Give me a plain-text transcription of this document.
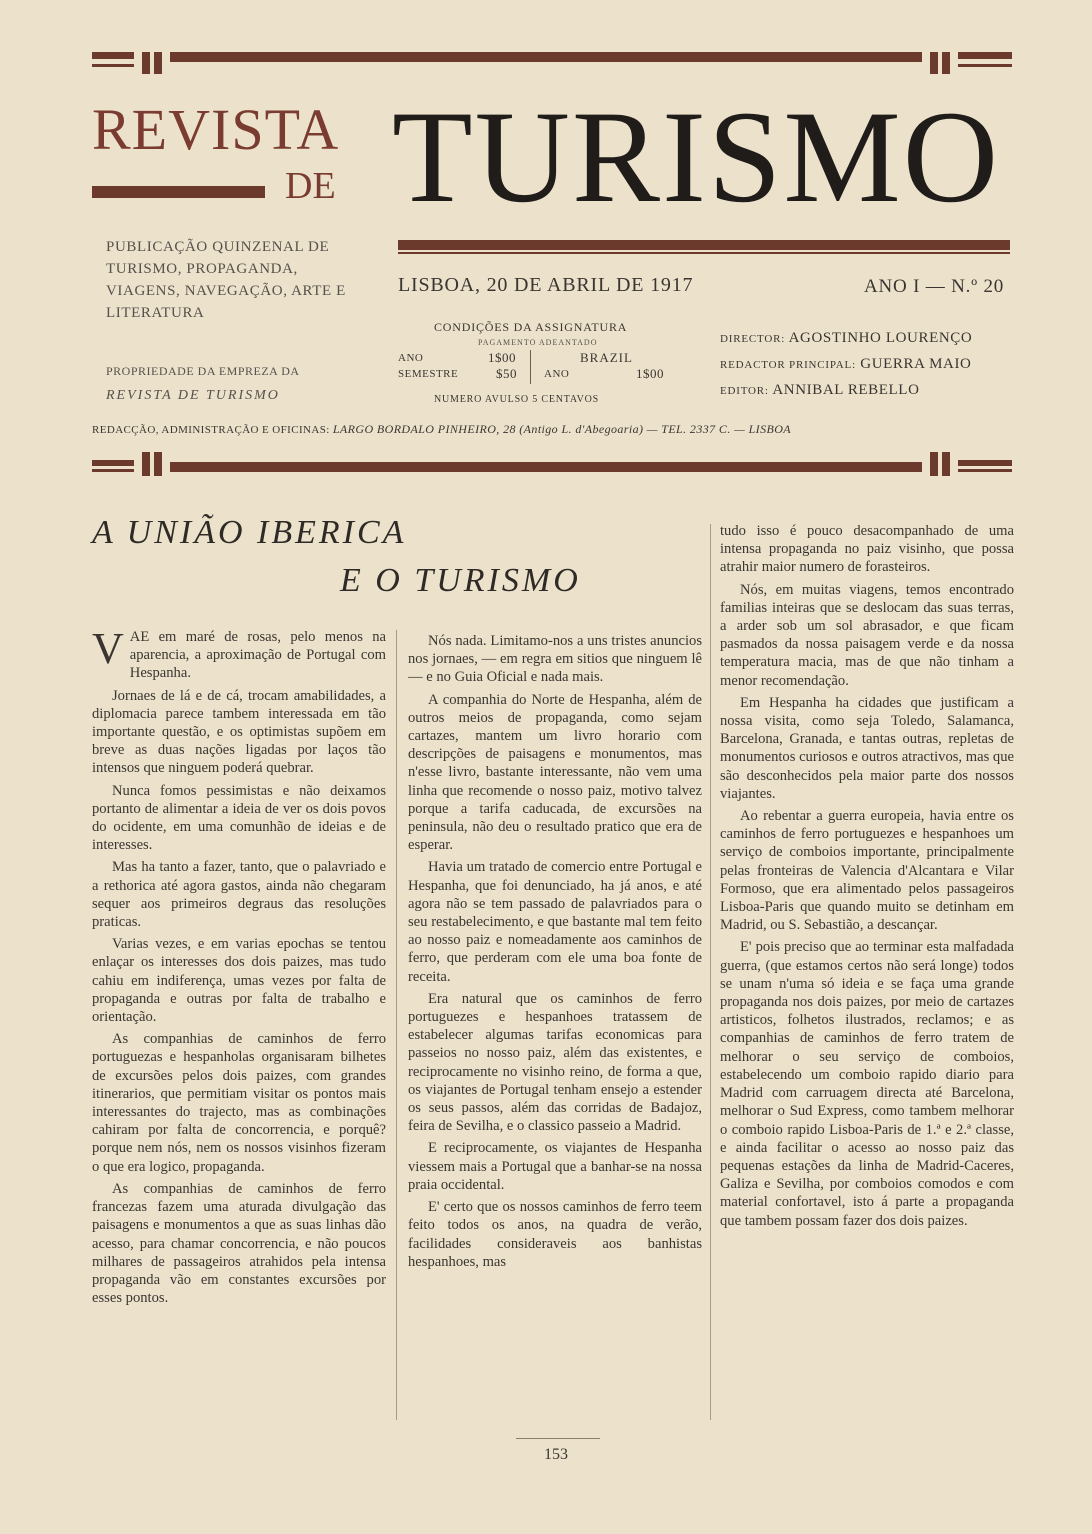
REVISTA
DE TURISMO
PUBLICAÇÃO QUINZENAL DE TURISMO, PROPAGANDA, VIAGENS, NAVEGAÇÃO, ARTE E LITERATURA
PROPRIEDADE DA EMPREZA DA
REVISTA DE TURISMO
LISBOA, 20 DE ABRIL DE 1917	ANO I — N.º 20
CONDIÇÕES DA ASSIGNATURA
PAGAMENTO ADEANTADO
ANO	1$00
SEMESTRE	$50
BRAZIL
ANO	1$00
NUMERO AVULSO 5 CENTAVOS
DIRECTOR: AGOSTINHO LOURENÇO
REDACTOR PRINCIPAL: GUERRA MAIO
EDITOR: ANNIBAL REBELLO
REDACÇÃO, ADMINISTRAÇÃO E OFICINAS: LARGO BORDALO PINHEIRO, 28 (Antigo L. d'Abegoaria) — TEL. 2337 C. — LISBOA
A UNIÃO IBERICA
E O TURISMO

VAE em maré de rosas, pelo menos na aparencia, a aproximação de Portugal com Hespanha.

Jornaes de lá e de cá, trocam amabilidades, a diplomacia parece tambem interessada em tão importante questão, e os optimistas supõem em breve as duas nações ligadas por laços tão intensos que ninguem poderá quebrar.

Nunca fomos pessimistas e não deixamos portanto de alimentar a ideia de ver os dois povos do ocidente, em uma comunhão de ideias e de interesses.

Mas ha tanto a fazer, tanto, que o palavriado e a rethorica até agora gastos, ainda não chegaram sequer aos primeiros degraus das resoluções praticas.

Varias vezes, e em varias epochas se tentou enlaçar os interesses dos dois paizes, mas tudo cahiu em indiferença, umas vezes por falta de propaganda e outras por falta de trabalho e orientação.

As companhias de caminhos de ferro portuguezas e hespanholas organisaram bilhetes de excursões pelos dois paizes, com grandes itinerarios, que permitiam visitar os pontos mais interessantes do trajecto, mas as combinações cahiram por falta de concorrencia, e porquê? porque nem nós, nem os nossos visinhos fizeram o que era logico, propaganda.

As companhias de caminhos de ferro francezas fazem uma aturada divulgação das paisagens e monumentos a que as suas linhas dão acesso, para chamar concorrencia, e não poucos milhares de passageiros atrahidos pela intensa propaganda vão em constantes excursões por esses pontos.

Nós nada. Limitamo-nos a uns tristes anuncios nos jornaes, — em regra em sitios que ninguem lê — e no Guia Oficial e nada mais.

A companhia do Norte de Hespanha, além de outros meios de propaganda, como sejam cartazes, mantem um livro horario com descripções de paisagens e monumentos, mas n'esse livro, bastante interessante, não vem uma linha que recomende o nosso paiz, motivo talvez porque a tarifa caducada, de excursões na peninsula, não deu o resultado pratico que era de esperar.

Havia um tratado de comercio entre Portugal e Hespanha, que foi denunciado, ha já anos, e até agora não se tem passado de palavriados para o seu restabelecimento, e que bastante mal tem feito ao nosso paiz e nomeadamente aos caminhos de ferro, que perderam com ele uma boa fonte de receita.

Era natural que os caminhos de ferro portuguezes e hespanhoes tratassem de estabelecer algumas tarifas economicas para passeios no nosso paiz, além das existentes, e reciprocamente no visinho reino, de forma a que, os viajantes de Portugal tenham ensejo a estender os seus passos, além das corridas de Badajoz, feira de Sevilha, e o classico passeio a Madrid.

E reciprocamente, os viajantes de Hespanha viessem mais a Portugal que a banhar-se na nossa praia occidental.

E' certo que os nossos caminhos de ferro teem feito todos os anos, na quadra de verão, facilidades consideraveis aos banhistas hespanhoes, mas

tudo isso é pouco desacompanhado de uma intensa propaganda no paiz visinho, que possa atrahir maior numero de forasteiros.

Nós, em muitas viagens, temos encontrado familias inteiras que se deslocam das suas terras, a arder sob um sol abrasador, e que ficam pasmados da nossa paisagem verde e da nossa temperatura macia, mas de que não tinham a menor recomendação.

Em Hespanha ha cidades que justificam a nossa visita, como seja Toledo, Salamanca, Barcelona, Granada, e tantas outras, repletas de monumentos curiosos e outros atractivos, mas que são desconhecidos pela maior parte dos nossos viajantes.

Ao rebentar a guerra europeia, havia entre os caminhos de ferro portuguezes e hespanhoes um serviço de comboios importante, principalmente pelas fronteiras de Valencia d'Alcantara e Vilar Formoso, que era alimentado pelos passageiros Lisboa-Paris que quando muito se detinham em Madrid, ou S. Sebastião, a descançar.

E' pois preciso que ao terminar esta malfadada guerra, (que estamos certos não será longe) todos se unam n'uma só ideia e se faça uma grande propaganda nos dois paizes, por meio de cartazes artisticos, folhetos ilustrados, reclamos; e as companhias de caminhos de ferro tratem de melhorar o seu serviço de comboios, estabelecendo um comboio rapido diario para Madrid com carruagem directa até Barcelona, melhorar o Sud Express, como tambem melhorar o comboio rapido Lisboa-Paris de 1.ª e 2.ª classe, e ainda facilitar o acesso ao nosso paiz das pequenas estações da linha de Madrid-Caceres, Galiza e Sevilha, por comboios comodos e com material confortavel, isto á parte a propaganda que tambem possam fazer dos dois paizes.

153
